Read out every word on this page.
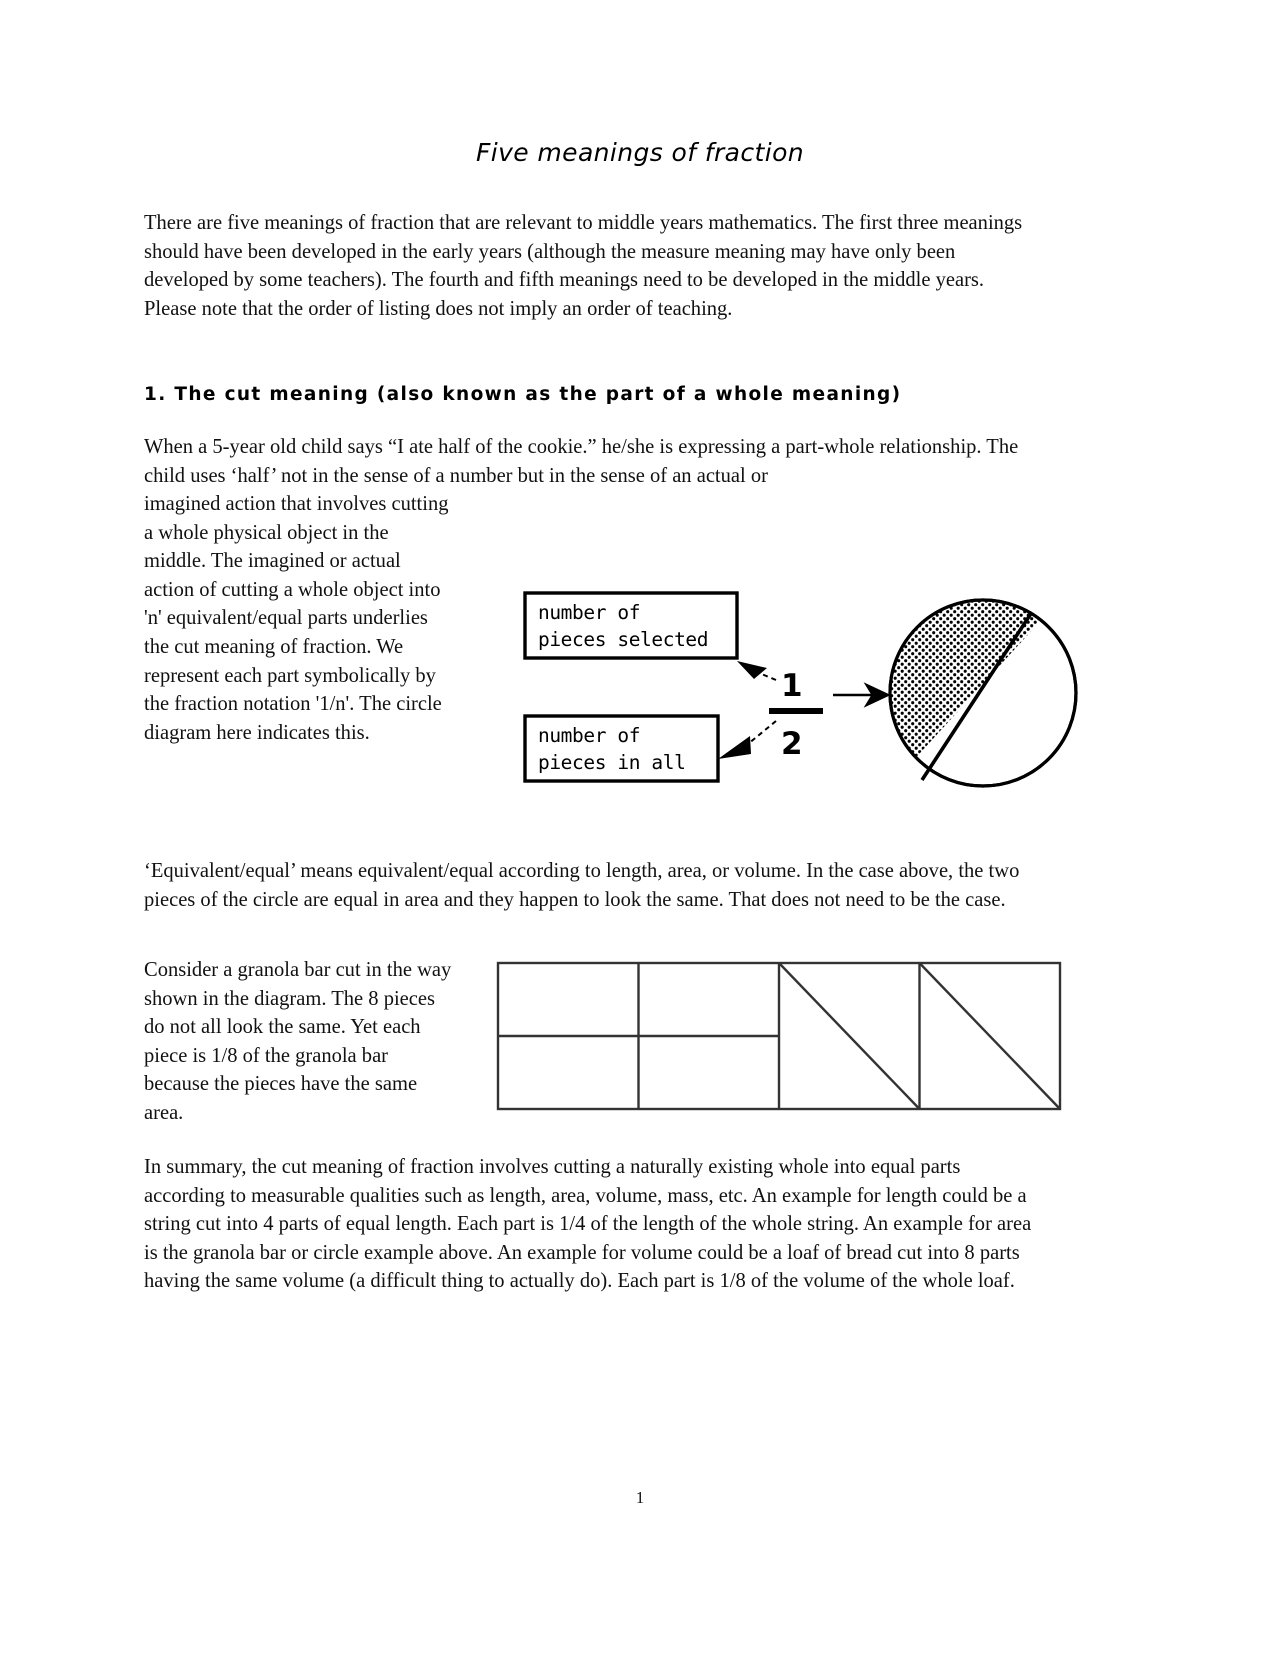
Five meanings of fraction
There are five meanings of fraction that are relevant to middle years mathematics. The first three meanings should have been developed in the early years (although the measure meaning may have only been developed by some teachers). The fourth and fifth meanings need to be developed in the middle years. Please note that the order of listing does not imply an order of teaching.
1. The cut meaning (also known as the part of a whole meaning)
When a 5-year old child says “I ate half of the cookie.” he/she is expressing a part-whole relationship. The child uses ‘half’ not in the sense of a number but in the sense of an actual or
imagined action that involves cutting a whole physical object in the middle. The imagined or actual action of cutting a whole object into 'n' equivalent/equal parts underlies the cut meaning of fraction. We represent each part symbolically by the fraction notation '1/n'. The circle diagram here indicates this.
number of
pieces selected
number of
pieces in all
1
2
‘Equivalent/equal’ means equivalent/equal according to length, area, or volume. In the case above, the two pieces of the circle are equal in area and they happen to look the same. That does not need to be the case.
Consider a granola bar cut in the way shown in the diagram. The 8 pieces do not all look the same. Yet each piece is 1/8 of the granola bar because the pieces have the same area.
In summary, the cut meaning of fraction involves cutting a naturally existing whole into equal parts according to measurable qualities such as length, area, volume, mass, etc. An example for length could be a string cut into 4 parts of equal length. Each part is 1/4 of the length of the whole string. An example for area is the granola bar or circle example above. An example for volume could be a loaf of bread cut into 8 parts having the same volume (a difficult thing to actually do). Each part is 1/8 of the volume of the whole loaf.
1
